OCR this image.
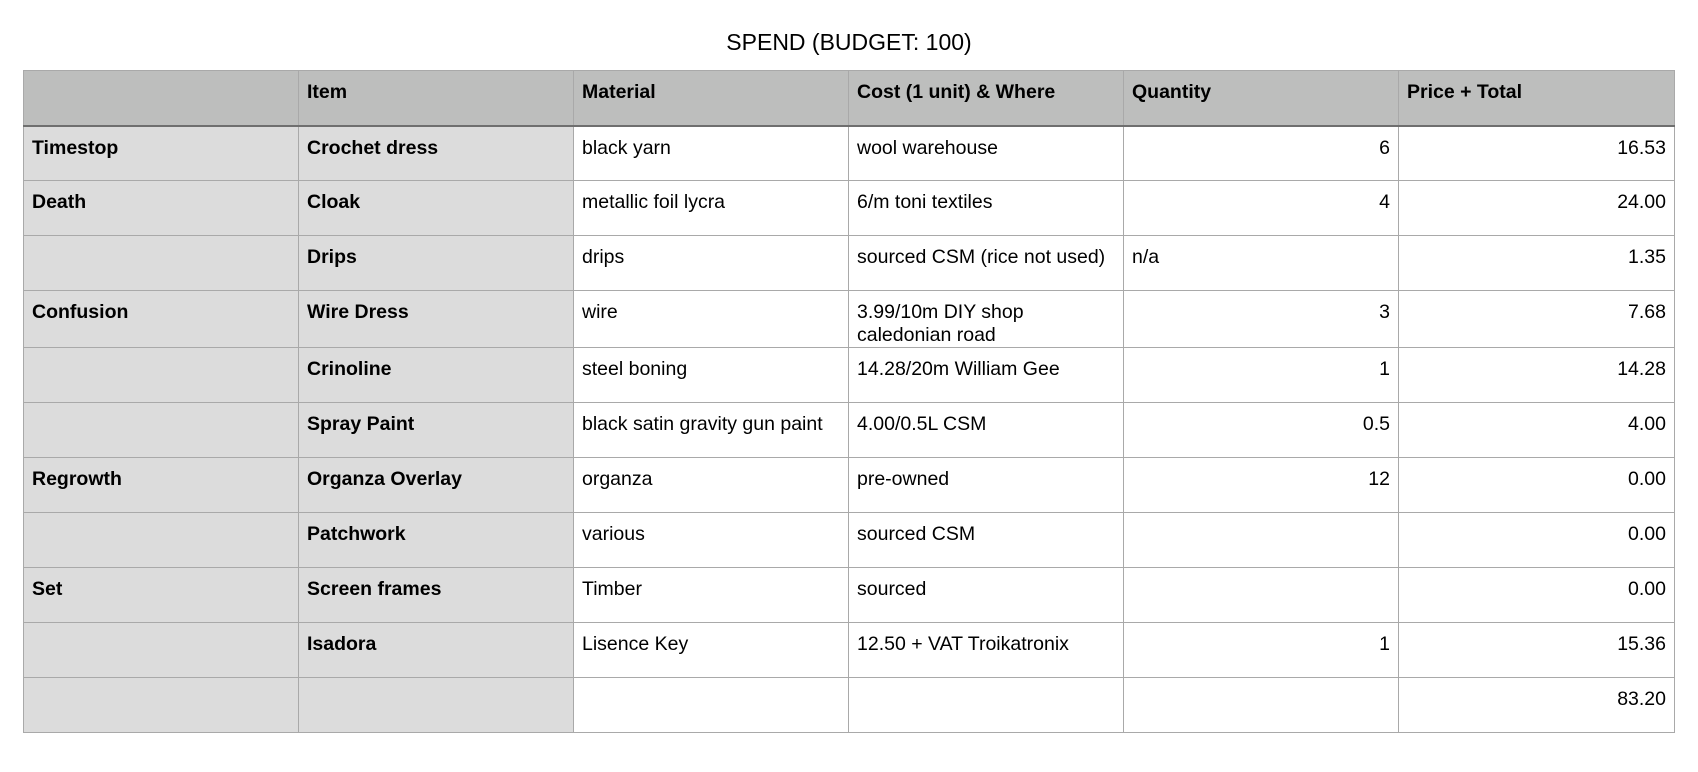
SPEND (BUDGET: 100)
	Item	Material	Cost (1 unit) & Where	Quantity	Price + Total
Timestop	Crochet dress	black yarn	wool warehouse	6	16.53
Death	Cloak	metallic foil lycra	6/m toni textiles	4	24.00
	Drips	drips	sourced CSM (rice not used)	n/a	1.35
Confusion	Wire Dress	wire	3.99/10m DIY shop caledonian road	3	7.68
	Crinoline	steel boning	14.28/20m William Gee	1	14.28
	Spray Paint	black satin gravity gun paint	4.00/0.5L CSM	0.5	4.00
Regrowth	Organza Overlay	organza	pre-owned	12	0.00
	Patchwork	various	sourced CSM		0.00
Set	Screen frames	Timber	sourced		0.00
	Isadora	Lisence Key	12.50 + VAT Troikatronix	1	15.36
					83.20
